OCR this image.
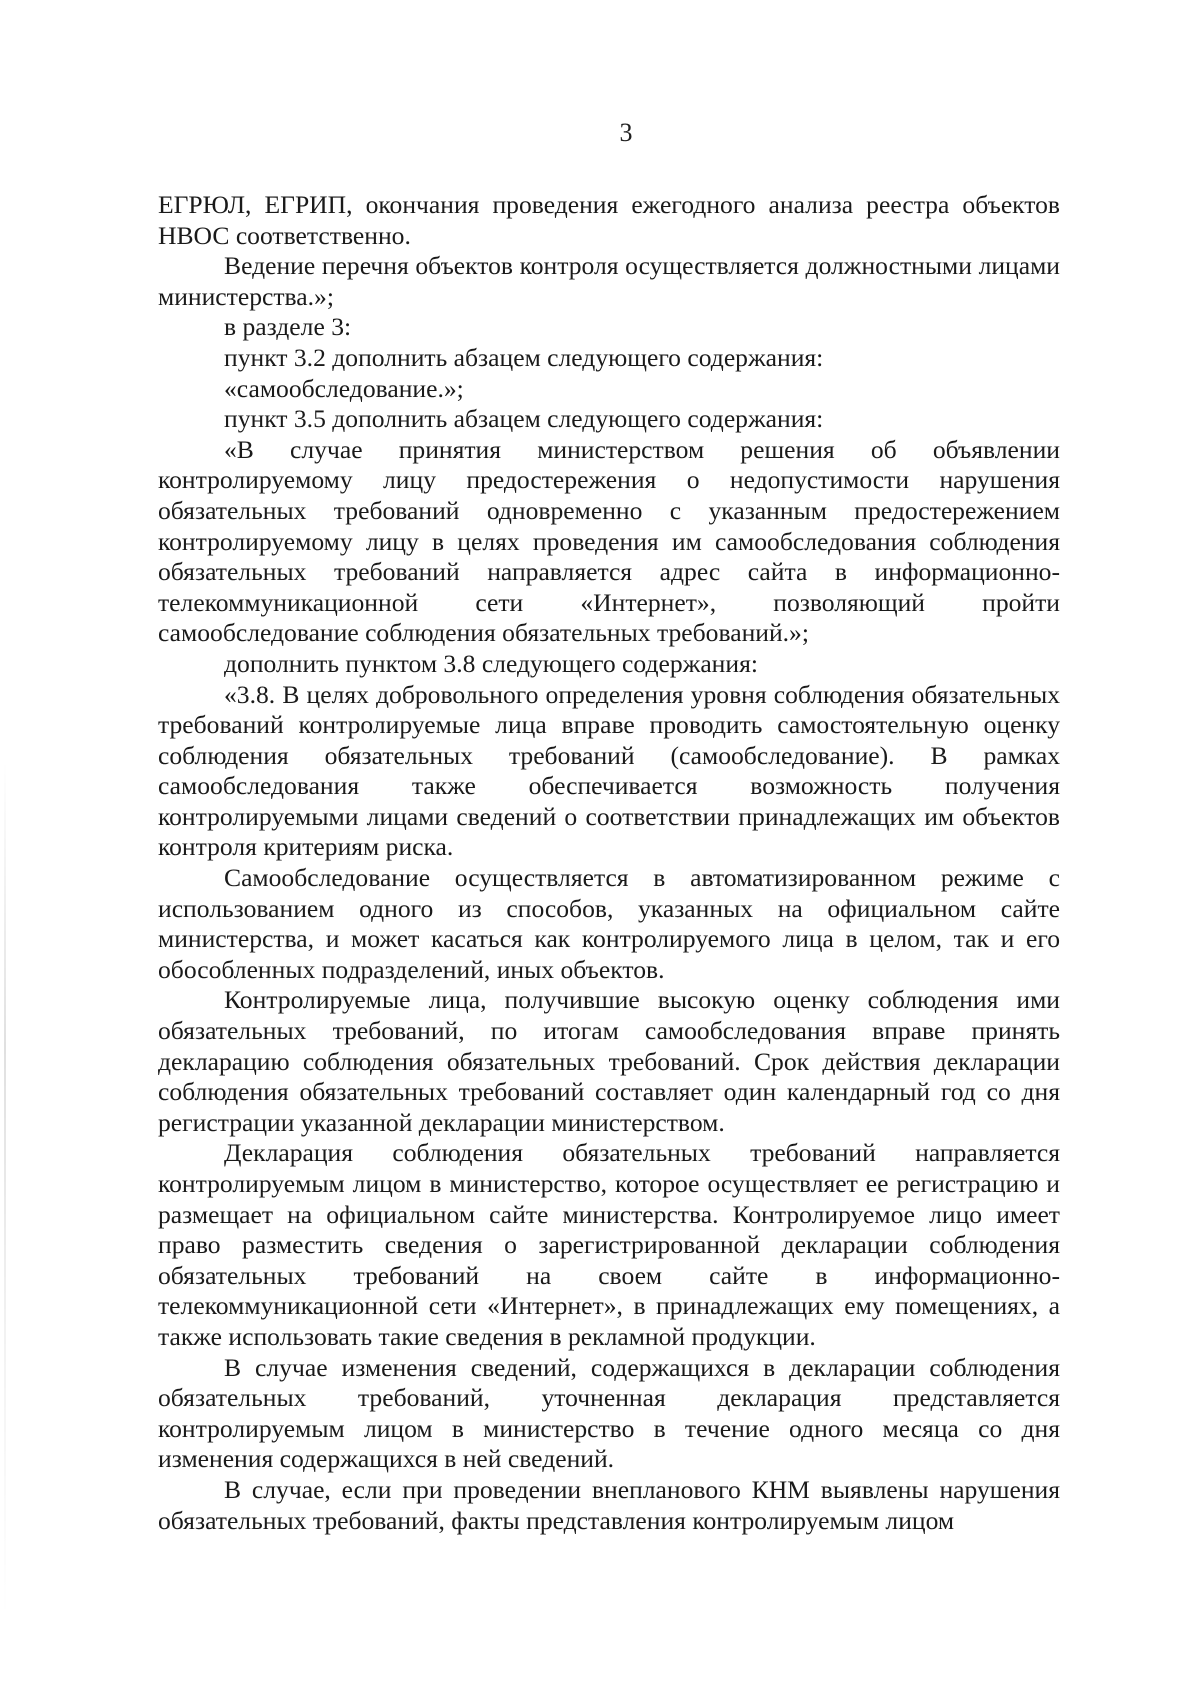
3

ЕГРЮЛ, ЕГРИП, окончания проведения ежегодного анализа реестра объектов НВОС соответственно.

Ведение перечня объектов контроля осуществляется должностными лицами министерства.»;

в разделе 3:

пункт 3.2 дополнить абзацем следующего содержания:

«самообследование.»;

пункт 3.5 дополнить абзацем следующего содержания:

«В случае принятия министерством решения об объявлении контролируемому лицу предостережения о недопустимости нарушения обязательных требований одновременно с указанным предостережением контролируемому лицу в целях проведения им самообследования соблюдения обязательных требований направляется адрес сайта в информационно-телекоммуникационной сети «Интернет», позволяющий пройти самообследование соблюдения обязательных требований.»;

дополнить пунктом 3.8 следующего содержания:

«3.8. В целях добровольного определения уровня соблюдения обязательных требований контролируемые лица вправе проводить самостоятельную оценку соблюдения обязательных требований (самообследование). В рамках самообследования также обеспечивается возможность получения контролируемыми лицами сведений о соответствии принадлежащих им объектов контроля критериям риска.

Самообследование осуществляется в автоматизированном режиме с использованием одного из способов, указанных на официальном сайте министерства, и может касаться как контролируемого лица в целом, так и его обособленных подразделений, иных объектов.

Контролируемые лица, получившие высокую оценку соблюдения ими обязательных требований, по итогам самообследования вправе принять декларацию соблюдения обязательных требований. Срок действия декларации соблюдения обязательных требований составляет один календарный год со дня регистрации указанной декларации министерством.

Декларация соблюдения обязательных требований направляется контролируемым лицом в министерство, которое осуществляет ее регистрацию и размещает на официальном сайте министерства. Контролируемое лицо имеет право разместить сведения о зарегистрированной декларации соблюдения обязательных требований на своем сайте в информационно-телекоммуникационной сети «Интернет», в принадлежащих ему помещениях, а также использовать такие сведения в рекламной продукции.

В случае изменения сведений, содержащихся в декларации соблюдения обязательных требований, уточненная декларация представляется контролируемым лицом в министерство в течение одного месяца со дня изменения содержащихся в ней сведений.

В случае, если при проведении внепланового КНМ выявлены нарушения обязательных требований, факты представления контролируемым лицом
